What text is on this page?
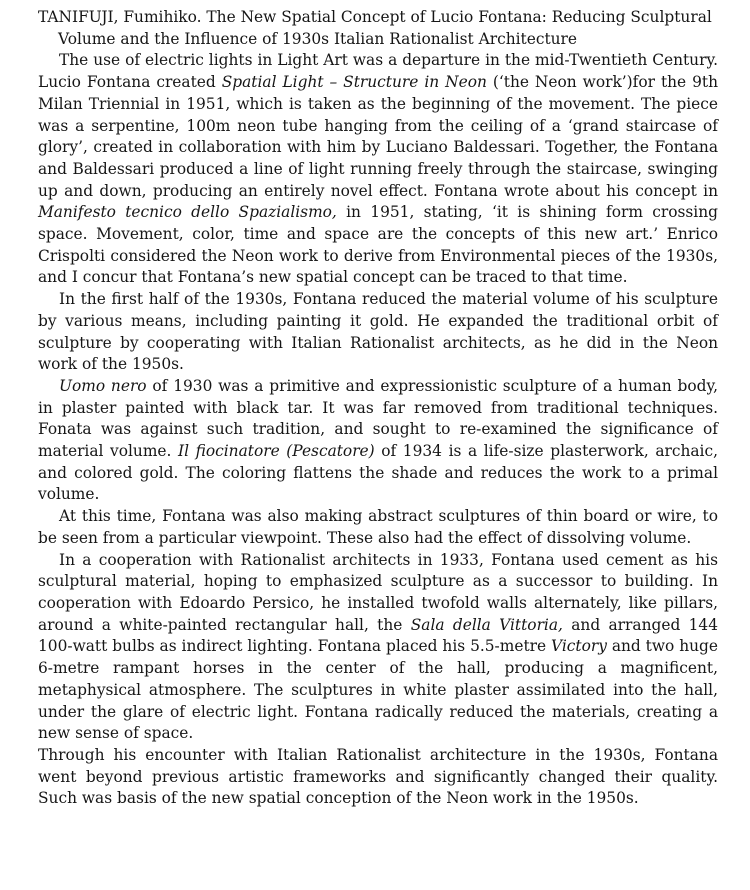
TANIFUJI, Fumihiko. The New Spatial Concept of Lucio Fontana: Reducing Sculptural Volume and the Influence of 1930s Italian Rationalist Architecture

The use of electric lights in Light Art was a departure in the mid-Twentieth Century. Lucio Fontana created Spatial Light – Structure in Neon (‘the Neon work’)for the 9th Milan Triennial in 1951, which is taken as the beginning of the movement. The piece was a serpentine, 100m neon tube hanging from the ceiling of a ‘grand staircase of glory’, created in collaboration with him by Luciano Baldessari. Together, the Fontana and Baldessari produced a line of light running freely through the staircase, swinging up and down, producing an entirely novel effect. Fontana wrote about his concept in Manifesto tecnico dello Spazialismo, in 1951, stating, ‘it is shining form crossing space. Movement, color, time and space are the concepts of this new art.’ Enrico Crispolti considered the Neon work to derive from Environmental pieces of the 1930s, and I concur that Fontana’s new spatial concept can be traced to that time.

In the first half of the 1930s, Fontana reduced the material volume of his sculpture by various means, including painting it gold. He expanded the traditional orbit of sculpture by cooperating with Italian Rationalist architects, as he did in the Neon work of the 1950s.

Uomo nero of 1930 was a primitive and expressionistic sculpture of a human body, in plaster painted with black tar. It was far removed from traditional techniques. Fonata was against such tradition, and sought to re-examined the significance of material volume. Il fiocinatore (Pescatore) of 1934 is a life-size plasterwork, archaic, and colored gold. The coloring flattens the shade and reduces the work to a primal volume.

At this time, Fontana was also making abstract sculptures of thin board or wire, to be seen from a particular viewpoint. These also had the effect of dissolving volume.

In a cooperation with Rationalist architects in 1933, Fontana used cement as his sculptural material, hoping to emphasized sculpture as a successor to building. In cooperation with Edoardo Persico, he installed twofold walls alternately, like pillars, around a white-painted rectangular hall, the Sala della Vittoria, and arranged 144 100-watt bulbs as indirect lighting. Fontana placed his 5.5-metre Victory and two huge 6-metre rampant horses in the center of the hall, producing a magnificent, metaphysical atmosphere. The sculptures in white plaster assimilated into the hall, under the glare of electric light. Fontana radically reduced the materials, creating a new sense of space.

Through his encounter with Italian Rationalist architecture in the 1930s, Fontana went beyond previous artistic frameworks and significantly changed their quality. Such was basis of the new spatial conception of the Neon work in the 1950s.
